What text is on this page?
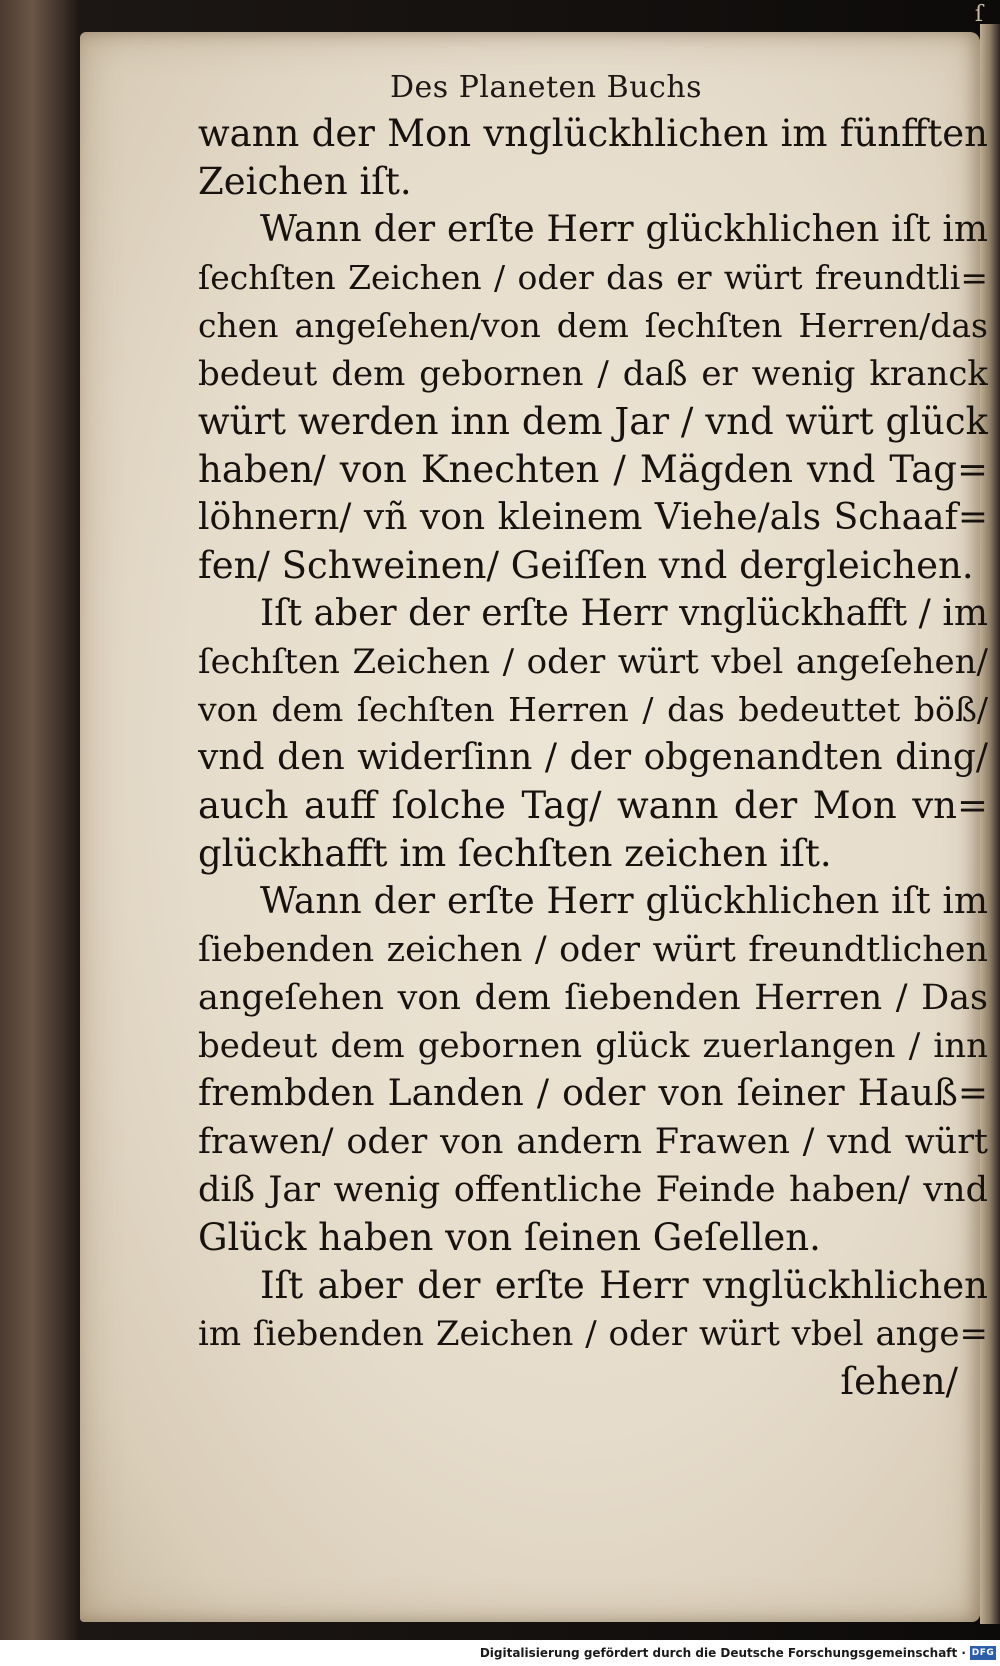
ſ
Des Planeten Buchs
wann der Mon vnglückhlichen im fünfften
Zeichen iſt.
Wann der erſte Herr glückhlichen iſt im
ſechſten Zeichen / oder das er würt freundtli=
chen angeſehen/von dem ſechſten Herren/das
bedeut dem gebornen / daß er wenig kranck
würt werden inn dem Jar / vnd würt glück
haben/ von Knechten / Mägden vnd Tag=
löhnern/ vñ von kleinem Viehe/als Schaaf=
fen/ Schweinen/ Geiſſen vnd dergleichen.
Iſt aber der erſte Herr vnglückhafft / im
ſechſten Zeichen / oder würt vbel angeſehen/
von dem ſechſten Herren / das bedeuttet böß/
vnd den widerſinn / der obgenandten ding/
auch auff ſolche Tag/ wann der Mon vn=
glückhafft im ſechſten zeichen iſt.
Wann der erſte Herr glückhlichen iſt im
ſiebenden zeichen / oder würt freundtlichen
angeſehen von dem ſiebenden Herren / Das
bedeut dem gebornen glück zuerlangen / inn
frembden Landen / oder von ſeiner Hauß=
frawen/ oder von andern Frawen / vnd würt
diß Jar wenig offentliche Feinde haben/ vnd
Glück haben von ſeinen Geſellen.
Iſt aber der erſte Herr vnglückhlichen
im ſiebenden Zeichen / oder würt vbel ange=
ſehen/
Digitalisierung gefördert durch die Deutsche Forschungsgemeinschaft · DFG
